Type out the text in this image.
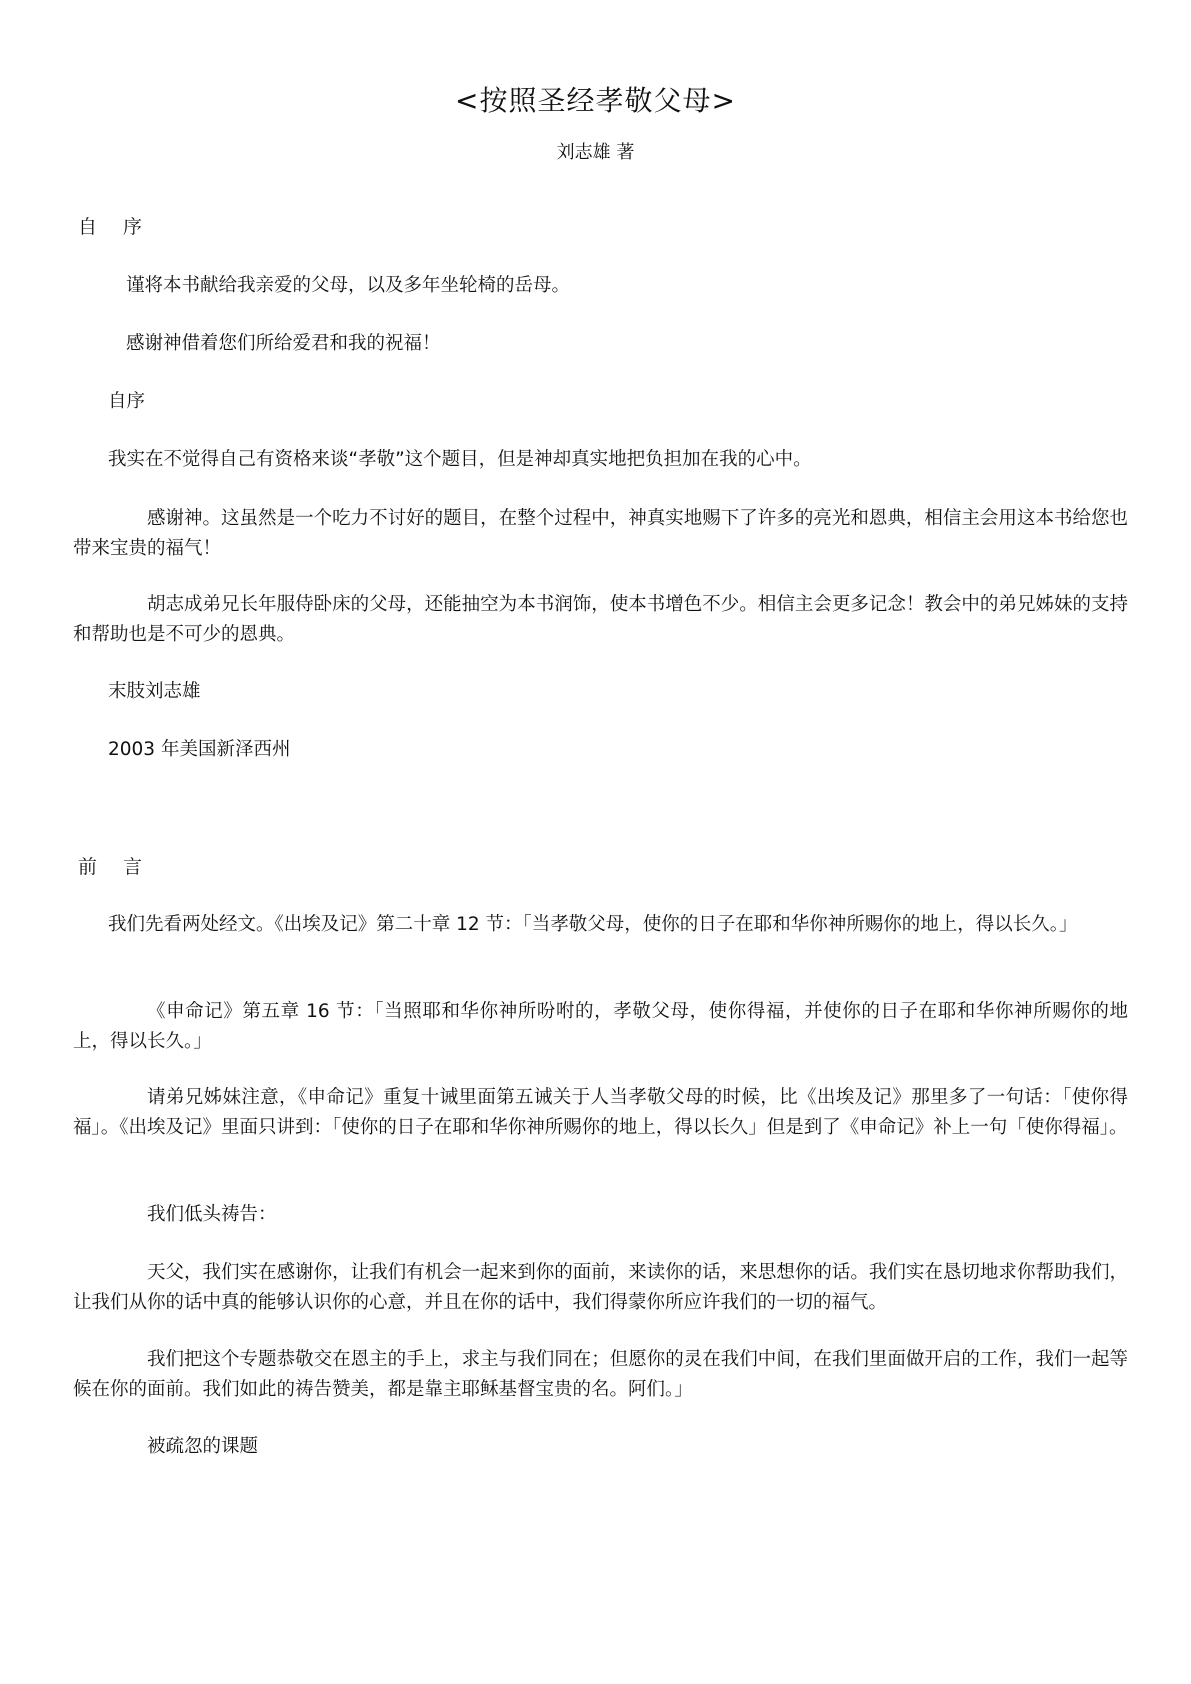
<按照圣经孝敬父母>
刘志雄 著
自 序

谨将本书献给我亲爱的父母，以及多年坐轮椅的岳母。

感谢神借着您们所给爱君和我的祝福！

自序

我实在不觉得自己有资格来谈“孝敬”这个题目，但是神却真实地把负担加在我的心中。

感谢神。这虽然是一个吃力不讨好的题目，在整个过程中，神真实地赐下了许多的亮光和恩典，相信主会用这本书给您也带来宝贵的福气！

胡志成弟兄长年服侍卧床的父母，还能抽空为本书润饰，使本书增色不少。相信主会更多记念！教会中的弟兄姊妹的支持和帮助也是不可少的恩典。

末肢刘志雄

2003 年美国新泽西州

前 言

我们先看两处经文。《出埃及记》第二十章 12 节：「当孝敬父母，使你的日子在耶和华你神所赐你的地上，得以长久。」

《申命记》第五章 16 节：「当照耶和华你神所吩咐的，孝敬父母，使你得福，并使你的日子在耶和华你神所赐你的地上，得以长久。」

请弟兄姊妹注意，《申命记》重复十诫里面第五诫关于人当孝敬父母的时候，比《出埃及记》那里多了一句话：「使你得福」。《出埃及记》里面只讲到：「使你的日子在耶和华你神所赐你的地上，得以长久」但是到了《申命记》补上一句「使你得福」。

我们低头祷告：

天父，我们实在感谢你，让我们有机会一起来到你的面前，来读你的话，来思想你的话。我们实在恳切地求你帮助我们，让我们从你的话中真的能够认识你的心意，并且在你的话中，我们得蒙你所应许我们的一切的福气。

我们把这个专题恭敬交在恩主的手上，求主与我们同在；但愿你的灵在我们中间，在我们里面做开启的工作，我们一起等候在你的面前。我们如此的祷告赞美，都是靠主耶稣基督宝贵的名。阿们。」

被疏忽的课题
